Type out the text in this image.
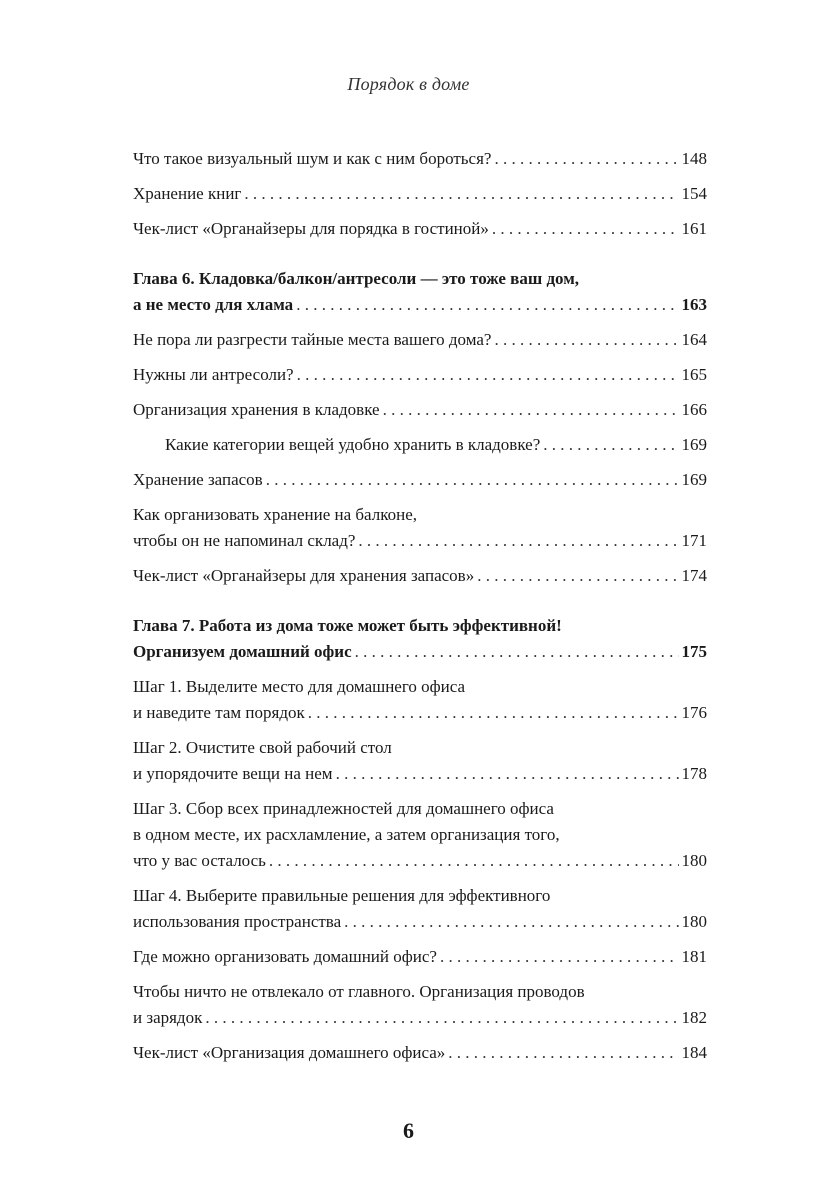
Порядок в доме
Что такое визуальный шум и как с ним бороться? . . .	148
Хранение книг . . .	154
Чек-лист «Органайзеры для порядка в гостиной» . . .	161
Глава 6. Кладовка/балкон/антресоли — это тоже ваш дом,
а не место для хлама . . .	163
Не пора ли разгрести тайные места вашего дома? . . .	164
Нужны ли антресоли? . . .	165
Организация хранения в кладовке . . .	166
Какие категории вещей удобно хранить в кладовке? . . .	169
Хранение запасов . . .	169
Как организовать хранение на балконе,
чтобы он не напоминал склад? . . .	171
Чек-лист «Органайзеры для хранения запасов» . . .	174
Глава 7. Работа из дома тоже может быть эффективной!
Организуем домашний офис . . .	175
Шаг 1. Выделите место для домашнего офиса
и наведите там порядок . . .	176
Шаг 2. Очистите свой рабочий стол
и упорядочите вещи на нем . . .	178
Шаг 3. Сбор всех принадлежностей для домашнего офиса
в одном месте, их расхламление, а затем организация того,
что у вас осталось . . .	180
Шаг 4. Выберите правильные решения для эффективного
использования пространства . . .	180
Где можно организовать домашний офис? . . .	181
Чтобы ничто не отвлекало от главного. Организация проводов
и зарядок . . .	182
Чек-лист «Организация домашнего офиса» . . .	184
6
